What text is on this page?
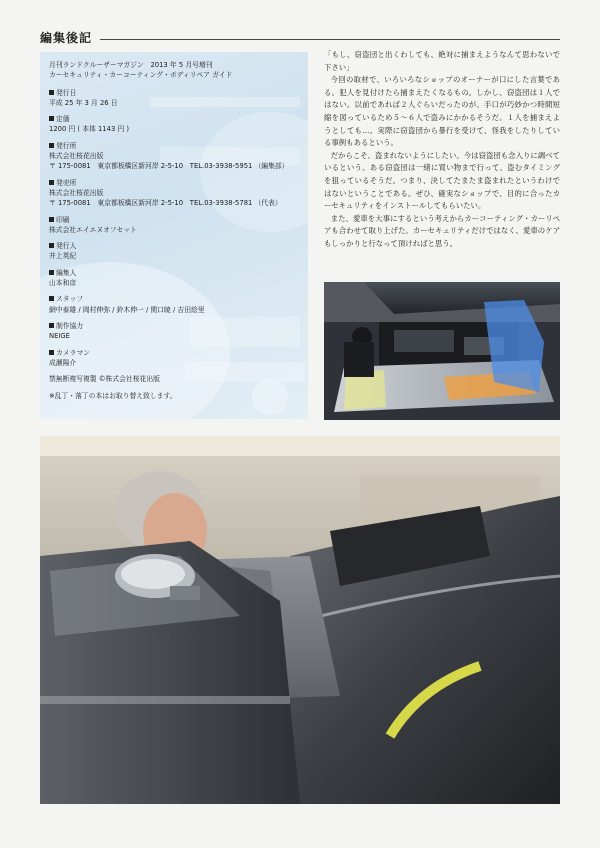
編集後記
月刊ランドクルーザーマガジン　2013 年 5 月号増刊
カーセキュリティ・カーコーティング・ボディリペア ガイド
発行日
平成 25 年 3 月 26 日
定価
1200 円 ( 本体 1143 円 )
発行所
株式会社桜花出版
〒 175-0081　東京都板橋区新河岸 2-5-10　TEL.03-3938-5951 （編集部）
発売所
株式会社桜花出版
〒 175-0081　東京都板橋区新河岸 2-5-10　TEL.03-3938-5781 （代表）
印刷
株式会社エイエヌオフセット
発行人
井上英紀
編集人
山本和彦
スタッフ
網中泰雄 / 岡村伸弥 / 鈴木伸一 / 関口暁 / 吉田絵里
制作協力
NEIGE
カメラマン
成瀬陽介
禁無断複写複製 ©株式会社桜花出版
※乱丁・落丁の本はお取り替え致します。

「もし、窃盗団と出くわしても、絶対に捕まえようなんて思わないで下さい」

今回の取材で、いろいろなショップのオーナーが口にした言葉である。犯人を見付けたら捕まえたくなるもの。しかし、窃盗団は１人ではない。以前であれば２人ぐらいだったのが、手口が巧妙かつ時間短縮を図っているため５～６人で盗みにかかるそうだ。１人を捕まえようとしても…。実際に窃盗団から暴行を受けて、怪我をしたりしている事例もあるという。

だからこそ、盗まれないようにしたい。今は窃盗団も念入りに調べているという。ある窃盗団は一緒に買い物まで行って、盗むタイミングを狙っているそうだ。つまり、決してたまたま盗まれたというわけではないということである。ぜひ、確実なショップで、目的に合ったカーセキュリティをインストールしてもらいたい。

また、愛車を大事にするという考えからカーコーティング・カーリペアも合わせて取り上げた。カーセキュリティだけではなく、愛車のケアもしっかりと行なって頂ければと思う。
